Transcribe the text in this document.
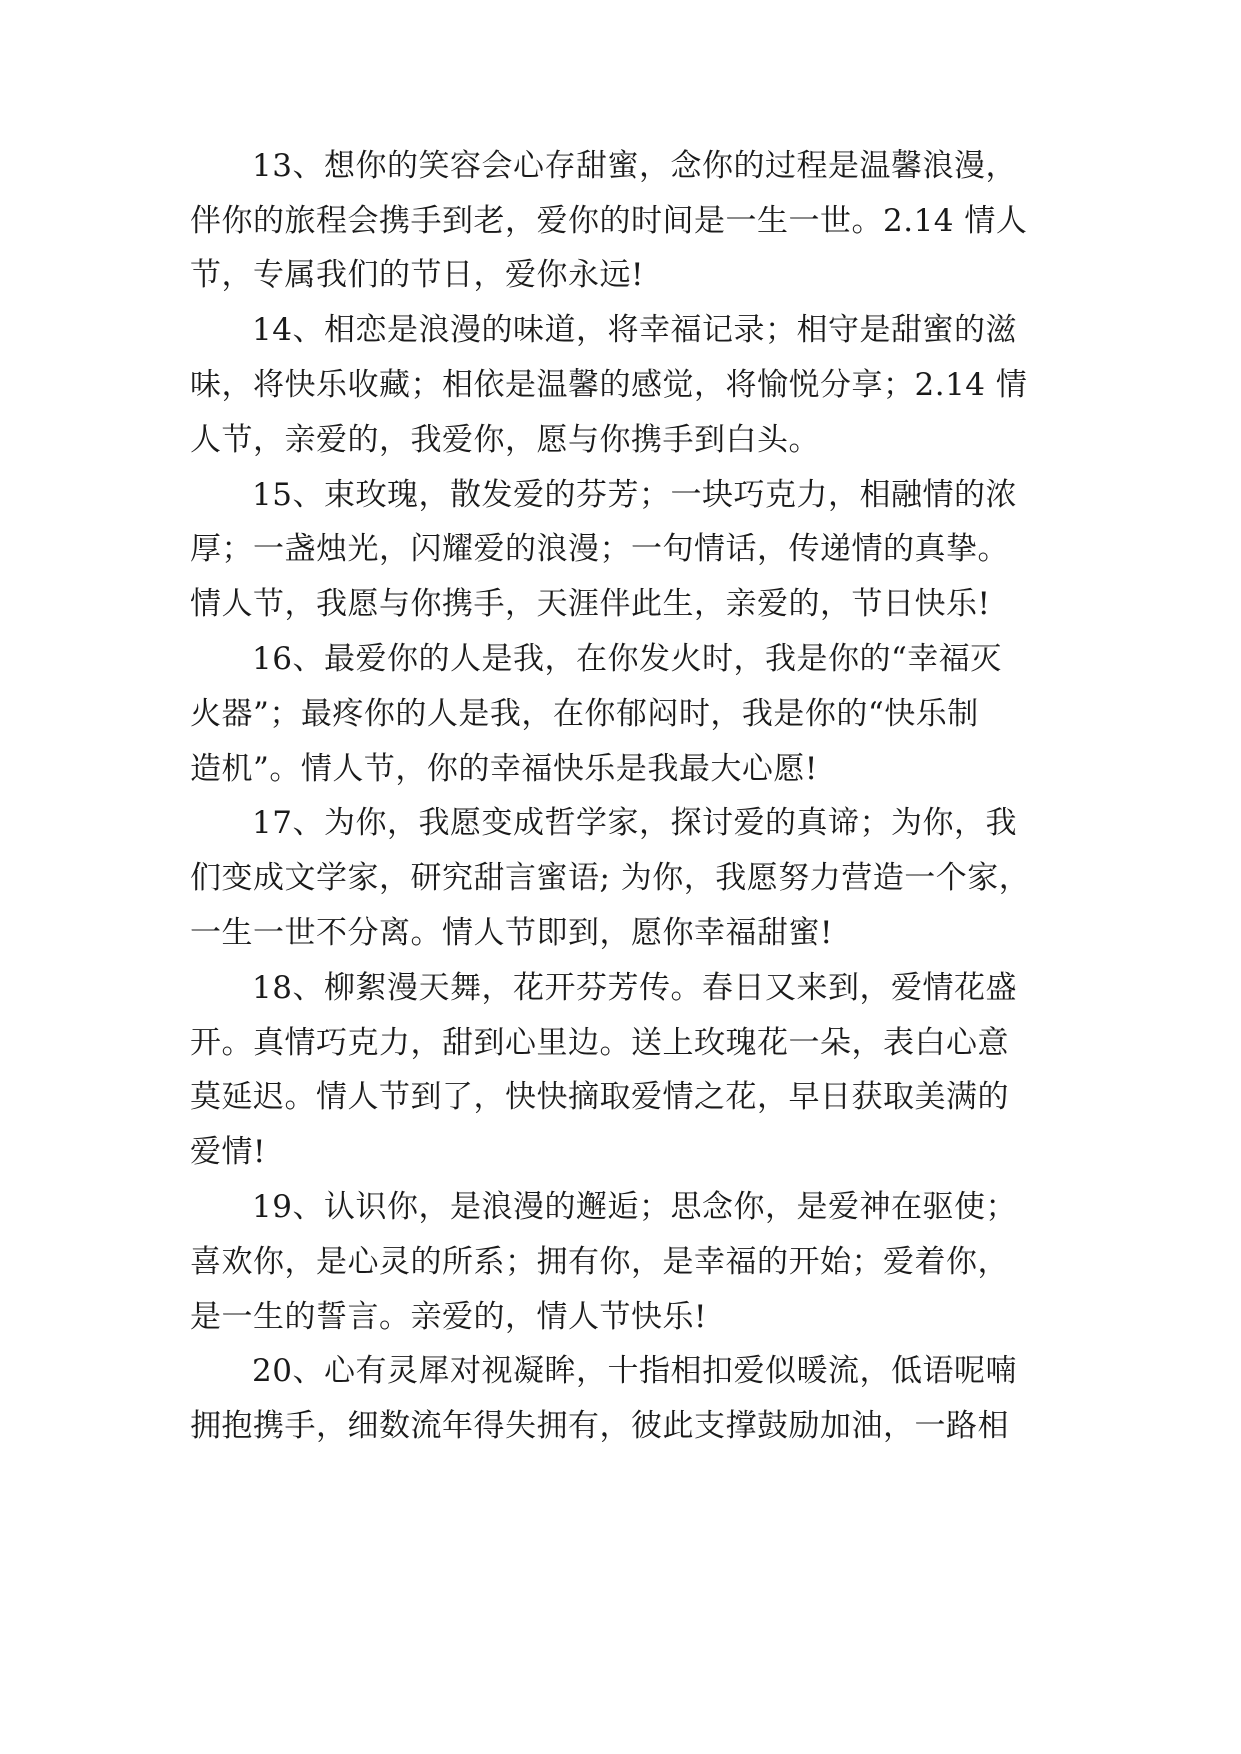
13、想你的笑容会心存甜蜜，念你的过程是温馨浪漫，

伴你的旅程会携手到老，爱你的时间是一生一世。2.14 情人

节，专属我们的节日，爱你永远!

14、相恋是浪漫的味道，将幸福记录；相守是甜蜜的滋

味，将快乐收藏；相依是温馨的感觉，将愉悦分享；2.14 情

人节，亲爱的，我爱你，愿与你携手到白头。

15、束玫瑰，散发爱的芬芳；一块巧克力，相融情的浓

厚；一盏烛光，闪耀爱的浪漫；一句情话，传递情的真挚。

情人节，我愿与你携手，天涯伴此生，亲爱的，节日快乐!

16、最爱你的人是我，在你发火时，我是你的“幸福灭

火器”；最疼你的人是我，在你郁闷时，我是你的“快乐制

造机”。情人节，你的幸福快乐是我最大心愿!

17、为你，我愿变成哲学家，探讨爱的真谛；为你，我

们变成文学家，研究甜言蜜语; 为你，我愿努力营造一个家，

一生一世不分离。情人节即到，愿你幸福甜蜜!

18、柳絮漫天舞，花开芬芳传。春日又来到，爱情花盛

开。真情巧克力，甜到心里边。送上玫瑰花一朵，表白心意

莫延迟。情人节到了，快快摘取爱情之花，早日获取美满的

爱情!

19、认识你，是浪漫的邂逅；思念你，是爱神在驱使；

喜欢你，是心灵的所系；拥有你，是幸福的开始；爱着你，

是一生的誓言。亲爱的，情人节快乐!

20、心有灵犀对视凝眸，十指相扣爱似暖流，低语呢喃

拥抱携手，细数流年得失拥有，彼此支撑鼓励加油，一路相
